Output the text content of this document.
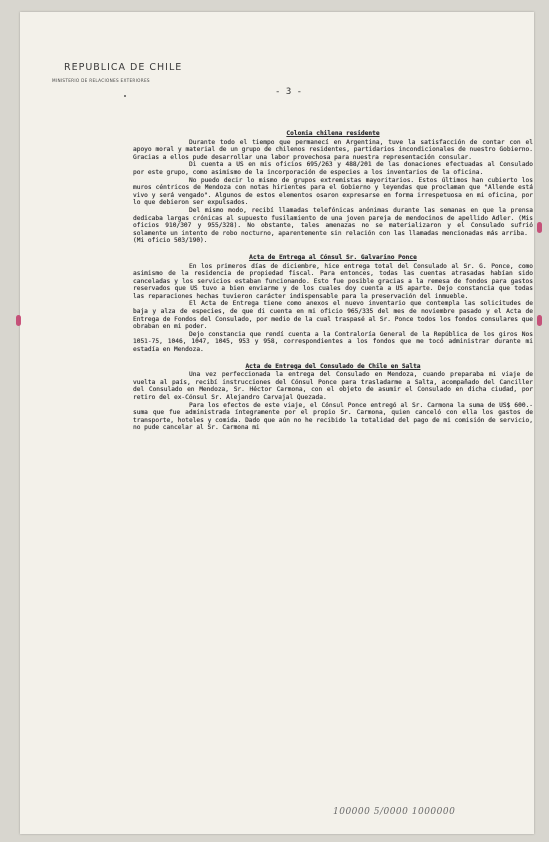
REPUBLICA DE CHILE
MINISTERIO DE RELACIONES EXTERIORES
- 3 -
Colonia chilena residente

Durante todo el tiempo que permanecí en Argentina, tuve la satisfacción de contar con el apoyo moral y material de un grupo de chilenos residentes, partidarios incondicionales de nuestro Gobierno. Gracias a ellos pude desarrollar una labor provechosa para nuestra representación consular.

Di cuenta a US en mis oficios 695/263 y 488/201 de las donaciones efectuadas al Consulado por este grupo, como asimismo de la incorporación de especies a los inventarios de la oficina.

No puedo decir lo mismo de grupos extremistas mayoritarios. Estos últimos han cubierto los muros céntricos de Mendoza con notas hirientes para el Gobierno y leyendas que proclaman que "Allende está vivo y será vengado". Algunos de estos elementos osaron expresarse en forma irrespetuosa en mi oficina, por lo que debieron ser expulsados.

Del mismo modo, recibí llamadas telefónicas anónimas durante las semanas en que la prensa dedicaba largas crónicas al supuesto fusilamiento de una joven pareja de mendocinos de apellido Adler. (Mis oficios 910/307 y 955/328). No obstante, tales amenazas no se materializaron y el Consulado sufrió solamente un intento de robo nocturno, aparentemente sin relación con las llamadas mencionadas más arriba.

(Mi oficio 503/190).

Acta de Entrega al Cónsul Sr. Galvarino Ponce

En los primeros días de diciembre, hice entrega total del Consulado al Sr. G. Ponce, como asimismo de la residencia de propiedad fiscal. Para entonces, todas las cuentas atrasadas habían sido canceladas y los servicios estaban funcionando. Esto fue posible gracias a la remesa de fondos para gastos reservados que US tuvo a bien enviarme y de los cuales doy cuenta a US aparte. Dejo constancia que todas las reparaciones hechas tuvieron carácter indispensable para la preservación del inmueble.

El Acta de Entrega tiene como anexos el nuevo inventario que contempla las solicitudes de baja y alza de especies, de que di cuenta en mi oficio 965/335 del mes de noviembre pasado y el Acta de Entrega de Fondos del Consulado, por medio de la cual traspasé al Sr. Ponce todos los fondos consulares que obraban en mi poder.

Dejo constancia que rendí cuenta a la Contraloría General de la República de los giros Nos 1051-75, 1046, 1047, 1045, 953 y 958, correspondientes a los fondos que me tocó administrar durante mi estadía en Mendoza.

Acta de Entrega del Consulado de Chile en Salta

Una vez perfeccionada la entrega del Consulado en Mendoza, cuando preparaba mi viaje de vuelta al país, recibí instrucciones del Cónsul Ponce para trasladarme a Salta, acompañado del Canciller del Consulado en Mendoza, Sr. Héctor Carmona, con el objeto de asumir el Consulado en dicha ciudad, por retiro del ex-Cónsul Sr. Alejandro Carvajal Quezada.

Para los efectos de este viaje, el Cónsul Ponce entregó al Sr. Carmona la suma de US$ 600.- suma que fue administrada íntegramente por el propio Sr. Carmona, quien canceló con ella los gastos de transporte, hoteles y comida. Dado que aún no he recibido la totalidad del pago de mi comisión de servicio, no pude cancelar al Sr. Carmona mi

100000 5/0000 1000000
